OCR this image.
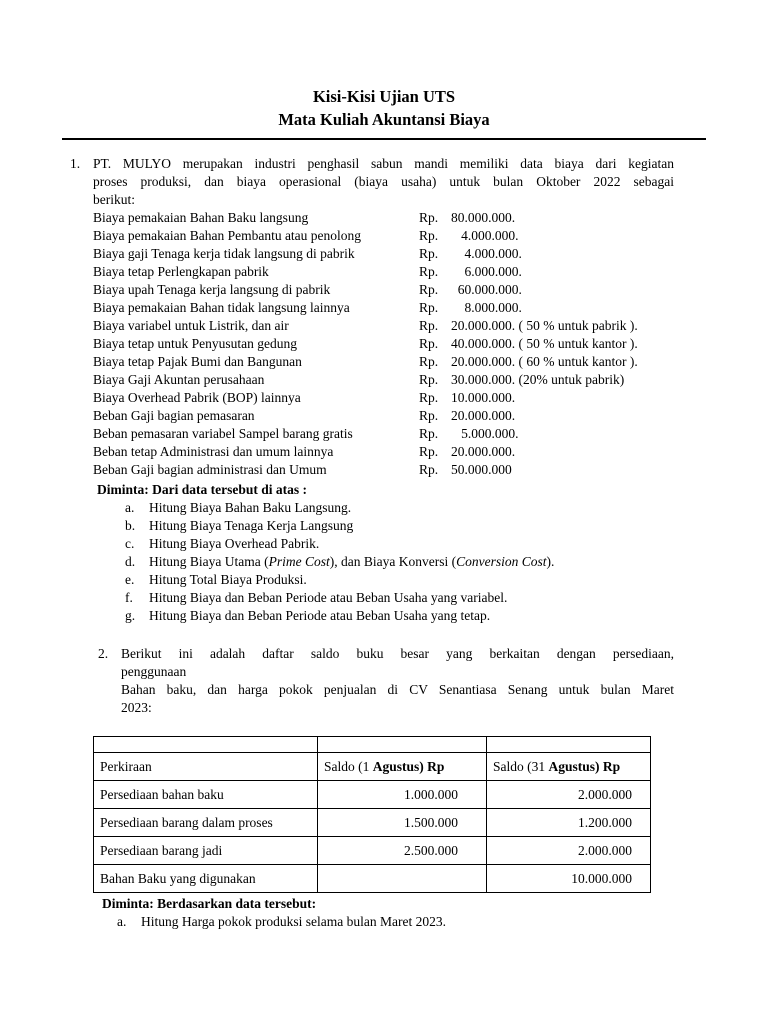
Kisi-Kisi Ujian UTS
Mata Kuliah Akuntansi Biaya
1. PT. MULYO merupakan industri penghasil sabun mandi memiliki data biaya dari kegiatan
proses produksi, dan biaya operasional (biaya usaha) untuk bulan Oktober 2022 sebagai
berikut:
Biaya pemakaian Bahan Baku langsung	Rp. 80.000.000.
Biaya pemakaian Bahan Pembantu atau penolong	Rp. 4.000.000.
Biaya gaji Tenaga kerja tidak langsung di pabrik	Rp. 4.000.000.
Biaya tetap Perlengkapan pabrik	Rp. 6.000.000.
Biaya upah Tenaga kerja langsung di pabrik	Rp. 60.000.000.
Biaya pemakaian Bahan tidak langsung lainnya	Rp. 8.000.000.
Biaya variabel untuk Listrik, dan air	Rp. 20.000.000. ( 50 % untuk pabrik ).
Biaya tetap untuk Penyusutan gedung	Rp. 40.000.000. ( 50 % untuk kantor ).
Biaya tetap Pajak Bumi dan Bangunan	Rp. 20.000.000. ( 60 % untuk kantor ).
Biaya Gaji Akuntan perusahaan	Rp. 30.000.000. (20% untuk pabrik)
Biaya Overhead Pabrik (BOP) lainnya	Rp. 10.000.000.
Beban Gaji bagian pemasaran	Rp. 20.000.000.
Beban pemasaran variabel Sampel barang gratis	Rp. 5.000.000.
Beban tetap Administrasi dan umum lainnya	Rp. 20.000.000.
Beban Gaji bagian administrasi dan Umum	Rp. 50.000.000
Diminta: Dari data tersebut di atas :
a. Hitung Biaya Bahan Baku Langsung.
b. Hitung Biaya Tenaga Kerja Langsung
c. Hitung Biaya Overhead Pabrik.
d. Hitung Biaya Utama (Prime Cost), dan Biaya Konversi (Conversion Cost).
e. Hitung Total Biaya Produksi.
f. Hitung Biaya dan Beban Periode atau Beban Usaha yang variabel.
g. Hitung Biaya dan Beban Periode atau Beban Usaha yang tetap.
2. Berikut ini adalah daftar saldo buku besar yang berkaitan dengan persediaan,
penggunaan
Bahan baku, dan harga pokok penjualan di CV Senantiasa Senang untuk bulan Maret
2023:

Perkiraan	Saldo (1 Agustus) Rp	Saldo (31 Agustus) Rp
Persediaan bahan baku	1.000.000	2.000.000
Persediaan barang dalam proses	1.500.000	1.200.000
Persediaan barang jadi	2.500.000	2.000.000
Bahan Baku yang digunakan		10.000.000
Diminta: Berdasarkan data tersebut:
a. Hitung Harga pokok produksi selama bulan Maret 2023.
